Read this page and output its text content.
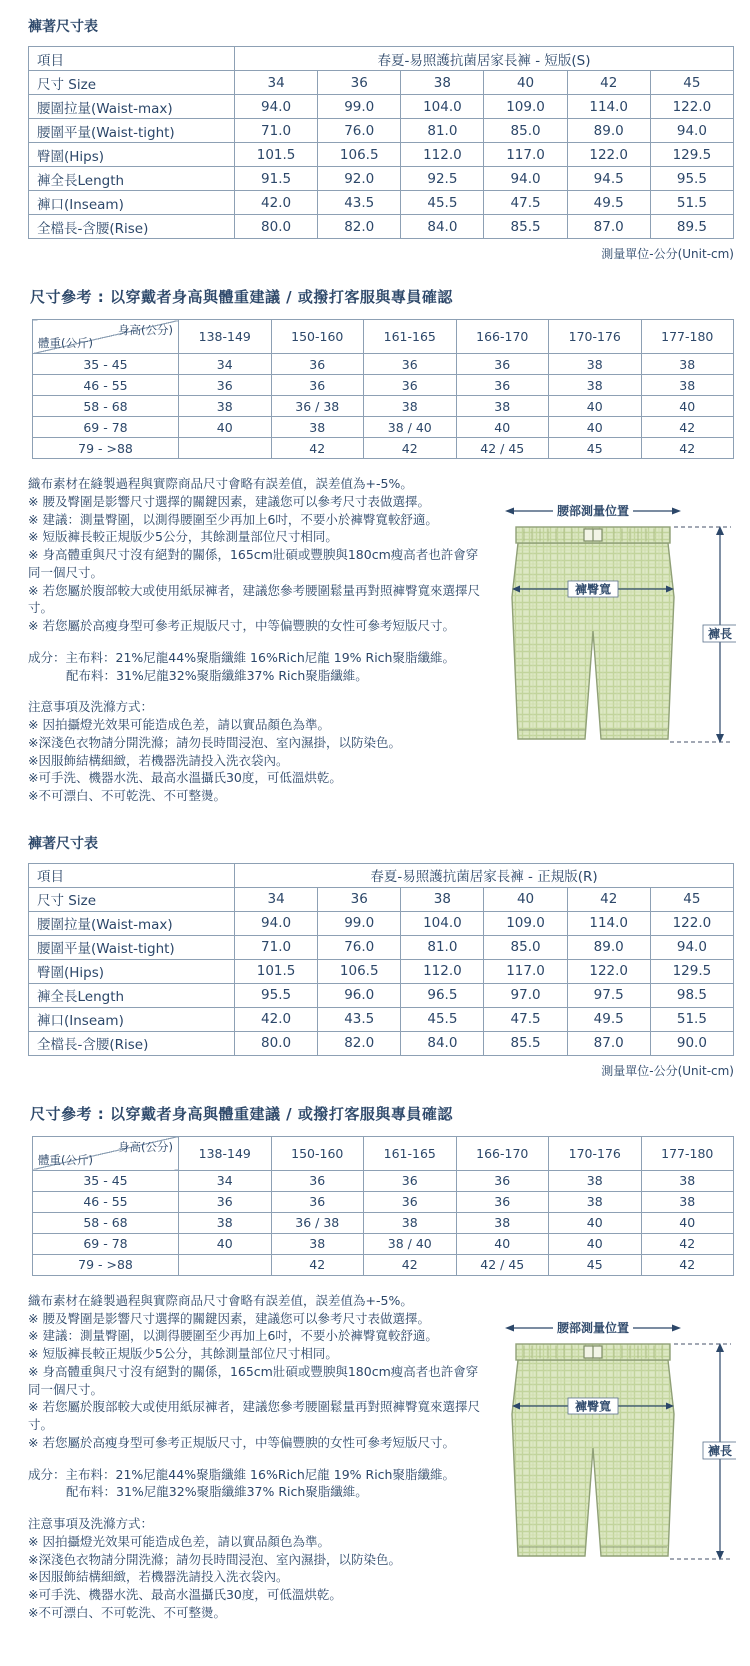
褲著尺寸表
項目	春夏-易照護抗菌居家長褲 - 短版(S)					
尺寸 Size	34	36	38	40	42	45
腰圍拉量(Waist-max)	94.0	99.0	104.0	109.0	114.0	122.0
腰圍平量(Waist-tight)	71.0	76.0	81.0	85.0	89.0	94.0
臀圍(Hips)	101.5	106.5	112.0	117.0	122.0	129.5
褲全長Length	91.5	92.0	92.5	94.0	94.5	95.5
褲口(Inseam)	42.0	43.5	45.5	47.5	49.5	51.5
全檔長-含腰(Rise)	80.0	82.0	84.0	85.5	87.0	89.5
測量單位-公分(Unit-cm)
尺寸參考 : 以穿戴者身高與體重建議 / 或撥打客服與專員確認
身高(公分)
體重(公斤)	138-149	150-160	161-165	166-170	170-176	177-180
35 - 45	34	36	36	36	38	38
46 - 55	36	36	36	36	38	38
58 - 68	38	36 / 38	38	38	40	40
69 - 78	40	38	38 / 40	40	40	42
79 - >88		42	42	42 / 45	45	42
織布素材在縫製過程與實際商品尺寸會略有誤差值，誤差值為+-5%。
※ 腰及臀圍是影響尺寸選擇的關鍵因素，建議您可以參考尺寸表做選擇。
※ 建議：測量臀圍，以測得腰圍至少再加上6吋，不要小於褲臀寬較舒適。
※ 短版褲長較正規版少5公分，其餘測量部位尺寸相同。
※ 身高體重與尺寸沒有絕對的關係，165cm壯碩或豐腴與180cm瘦高者也許會穿同一個尺寸。
※ 若您屬於腹部較大或使用紙尿褲者，建議您參考腰圍鬆量再對照褲臀寬來選擇尺寸。
※ 若您屬於高瘦身型可參考正規版尺寸，中等偏豐腴的女性可參考短版尺寸。
成分：主布料：21%尼龍44%聚脂纖維 16%Rich尼龍 19% Rich聚脂纖維。
配布料：31%尼龍32%聚脂纖維37% Rich聚脂纖維。
注意事項及洗滌方式：
※ 因拍攝燈光效果可能造成色差，請以實品顏色為準。
※深淺色衣物請分開洗滌；請勿長時間浸泡、室內濕掛，以防染色。
※因服飾結構細緻，若機器洗請投入洗衣袋內。
※可手洗、機器水洗、最高水溫攝氏30度，可低溫烘乾。
※不可漂白、不可乾洗、不可整燙。
腰部測量位置
褲臀寬
褲長
褲著尺寸表
項目	春夏-易照護抗菌居家長褲 - 正規版(R)					
尺寸 Size	34	36	38	40	42	45
腰圍拉量(Waist-max)	94.0	99.0	104.0	109.0	114.0	122.0
腰圍平量(Waist-tight)	71.0	76.0	81.0	85.0	89.0	94.0
臀圍(Hips)	101.5	106.5	112.0	117.0	122.0	129.5
褲全長Length	95.5	96.0	96.5	97.0	97.5	98.5
褲口(Inseam)	42.0	43.5	45.5	47.5	49.5	51.5
全檔長-含腰(Rise)	80.0	82.0	84.0	85.5	87.0	90.0
測量單位-公分(Unit-cm)
尺寸參考 : 以穿戴者身高與體重建議 / 或撥打客服與專員確認
身高(公分)
體重(公斤)	138-149	150-160	161-165	166-170	170-176	177-180
35 - 45	34	36	36	36	38	38
46 - 55	36	36	36	36	38	38
58 - 68	38	36 / 38	38	38	40	40
69 - 78	40	38	38 / 40	40	40	42
79 - >88		42	42	42 / 45	45	42
織布素材在縫製過程與實際商品尺寸會略有誤差值，誤差值為+-5%。
※ 腰及臀圍是影響尺寸選擇的關鍵因素，建議您可以參考尺寸表做選擇。
※ 建議：測量臀圍，以測得腰圍至少再加上6吋，不要小於褲臀寬較舒適。
※ 短版褲長較正規版少5公分，其餘測量部位尺寸相同。
※ 身高體重與尺寸沒有絕對的關係，165cm壯碩或豐腴與180cm瘦高者也許會穿同一個尺寸。
※ 若您屬於腹部較大或使用紙尿褲者，建議您參考腰圍鬆量再對照褲臀寬來選擇尺寸。
※ 若您屬於高瘦身型可參考正規版尺寸，中等偏豐腴的女性可參考短版尺寸。
成分：主布料：21%尼龍44%聚脂纖維 16%Rich尼龍 19% Rich聚脂纖維。
配布料：31%尼龍32%聚脂纖維37% Rich聚脂纖維。
注意事項及洗滌方式：
※ 因拍攝燈光效果可能造成色差，請以實品顏色為準。
※深淺色衣物請分開洗滌；請勿長時間浸泡、室內濕掛，以防染色。
※因服飾結構細緻，若機器洗請投入洗衣袋內。
※可手洗、機器水洗、最高水溫攝氏30度，可低溫烘乾。
※不可漂白、不可乾洗、不可整燙。
腰部測量位置
褲臀寬
褲長
